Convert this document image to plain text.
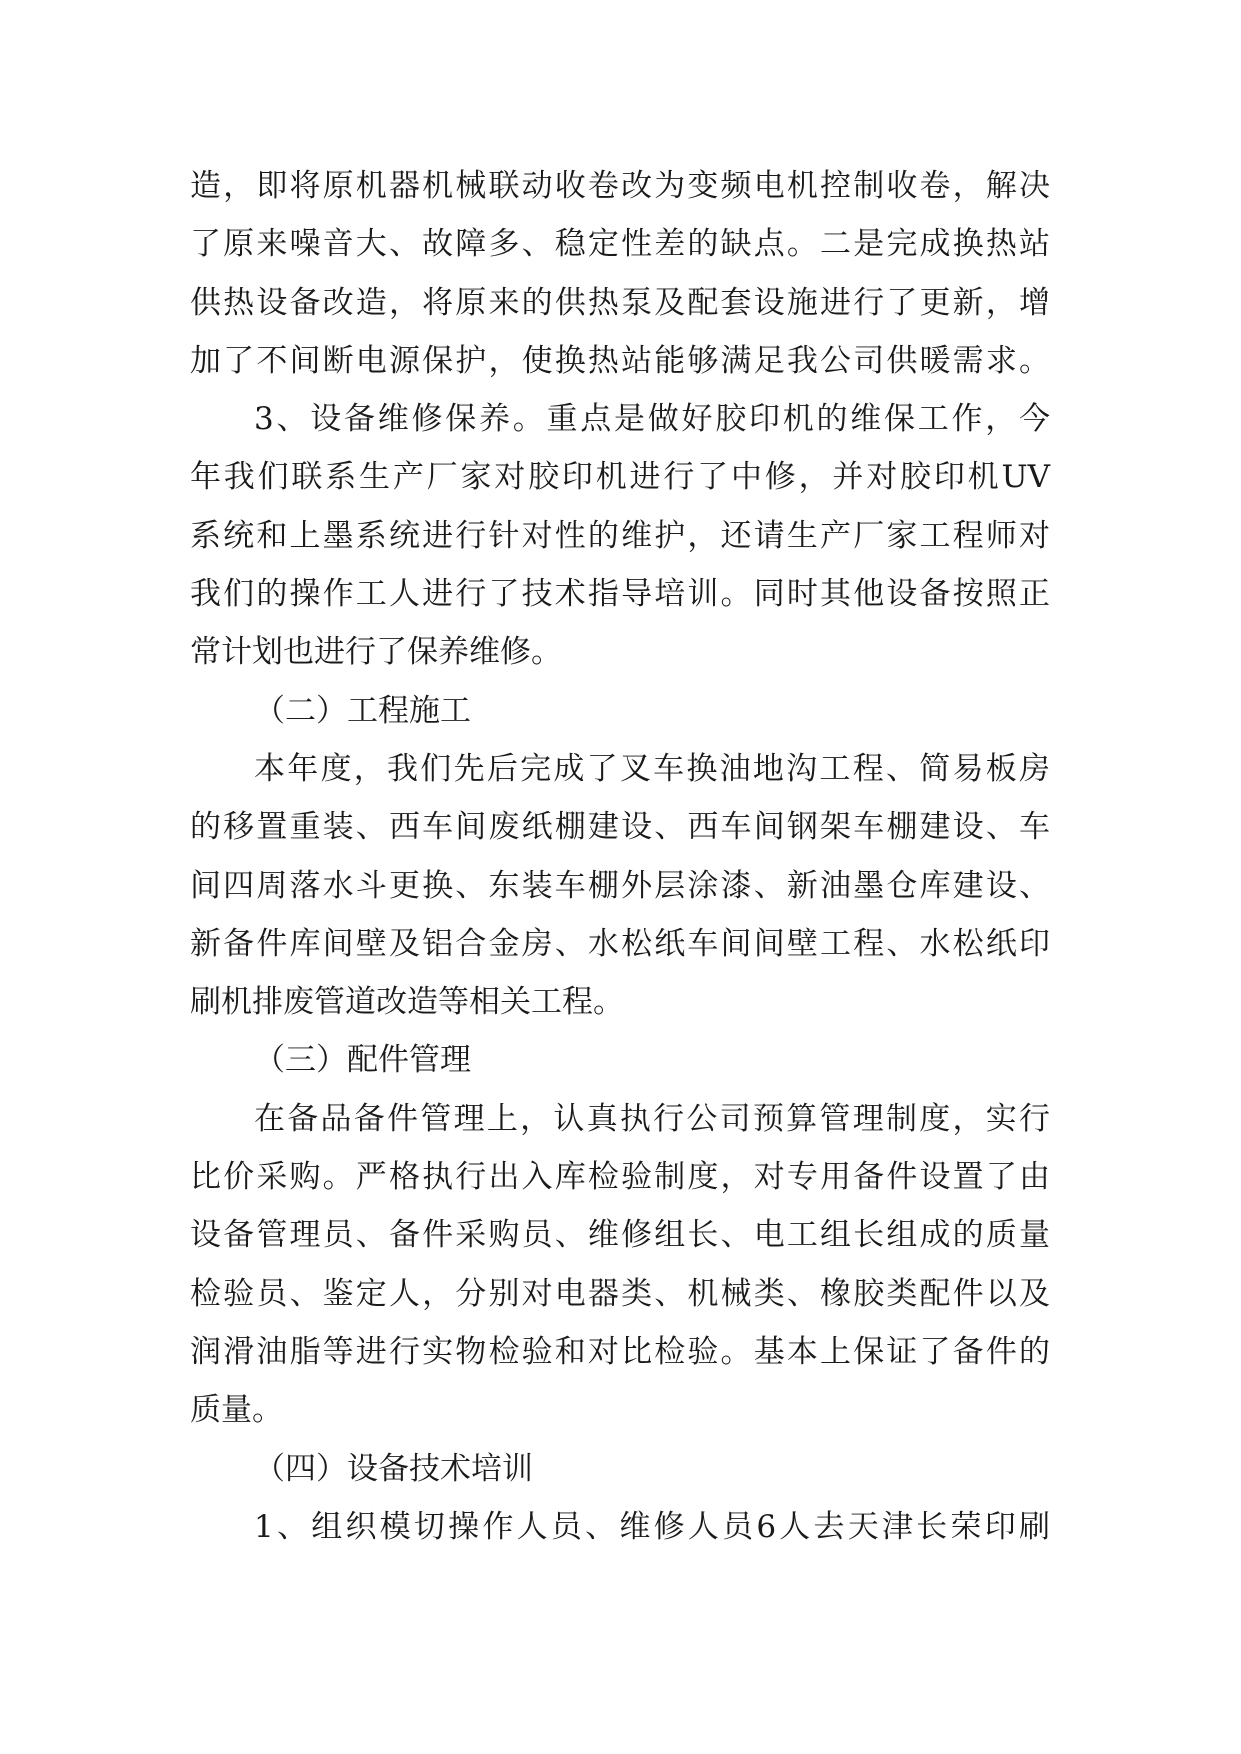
造，即将原机器机械联动收卷改为变频电机控制收卷，解决
了原来噪音大、故障多、稳定性差的缺点。二是完成换热站
供热设备改造，将原来的供热泵及配套设施进行了更新，增
加了不间断电源保护，使换热站能够满足我公司供暖需求。
3、设备维修保养。重点是做好胶印机的维保工作，今
年我们联系生产厂家对胶印机进行了中修，并对胶印机UV
系统和上墨系统进行针对性的维护，还请生产厂家工程师对
我们的操作工人进行了技术指导培训。同时其他设备按照正
常计划也进行了保养维修。
（二）工程施工
本年度，我们先后完成了叉车换油地沟工程、简易板房
的移置重装、西车间废纸棚建设、西车间钢架车棚建设、车
间四周落水斗更换、东装车棚外层涂漆、新油墨仓库建设、
新备件库间壁及铝合金房、水松纸车间间壁工程、水松纸印
刷机排废管道改造等相关工程。
（三）配件管理
在备品备件管理上，认真执行公司预算管理制度，实行
比价采购。严格执行出入库检验制度，对专用备件设置了由
设备管理员、备件采购员、维修组长、电工组长组成的质量
检验员、鉴定人，分别对电器类、机械类、橡胶类配件以及
润滑油脂等进行实物检验和对比检验。基本上保证了备件的
质量。
（四）设备技术培训
1、组织模切操作人员、维修人员6人去天津长荣印刷
